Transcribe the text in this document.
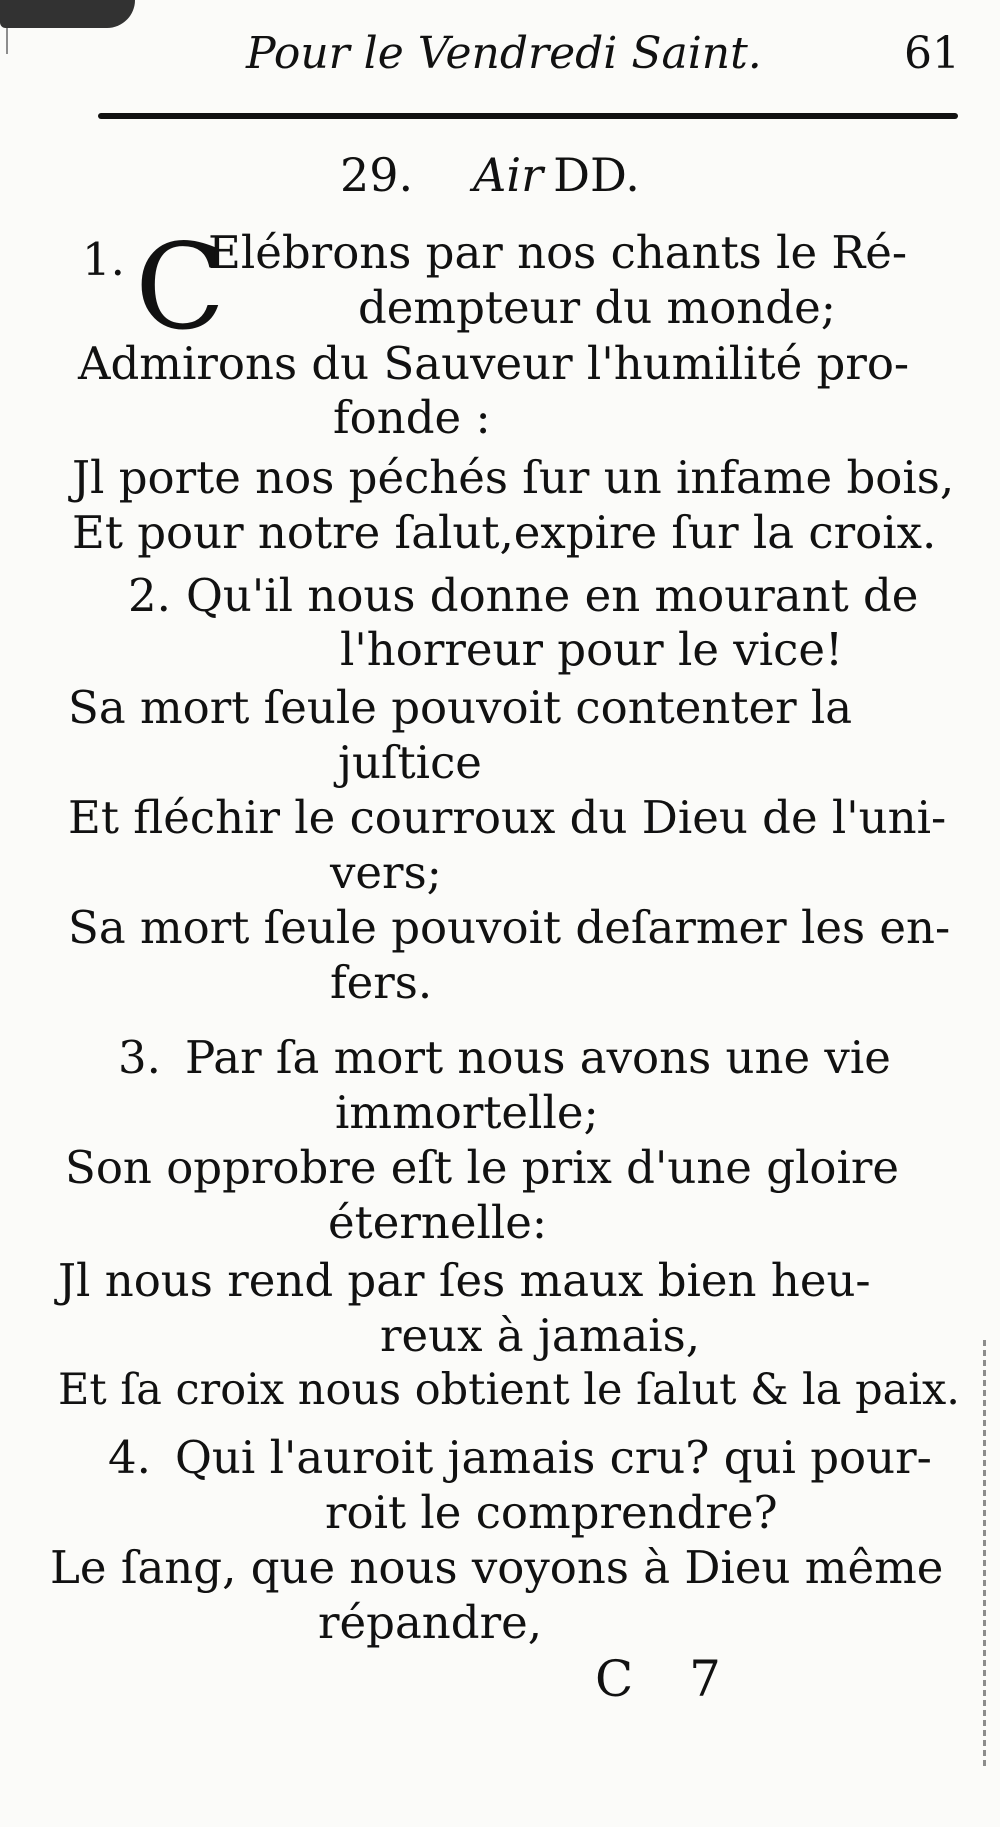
Pour le Vendredi Saint.	61
29. Air DD.
1. C
Elébrons par nos chants le Ré-
dempteur du monde;
Admirons du Sauveur l'humilité pro-
fonde :
Jl porte nos péchés ſur un infame bois,
Et pour notre ſalut,expire ſur la croix.
2. Qu'il nous donne en mourant de
l'horreur pour le vice!
Sa mort ſeule pouvoit contenter la
juſtice
Et fléchir le courroux du Dieu de l'uni-
vers;
Sa mort ſeule pouvoit deſarmer les en-
fers.
3. Par ſa mort nous avons une vie
immortelle;
Son opprobre eſt le prix d'une gloire
éternelle:
Jl nous rend par ſes maux bien heu-
reux à jamais,
Et ſa croix nous obtient le ſalut & la paix.
4. Qui l'auroit jamais cru? qui pour-
roit le comprendre?
Le ſang, que nous voyons à Dieu même
répandre,
C 7
